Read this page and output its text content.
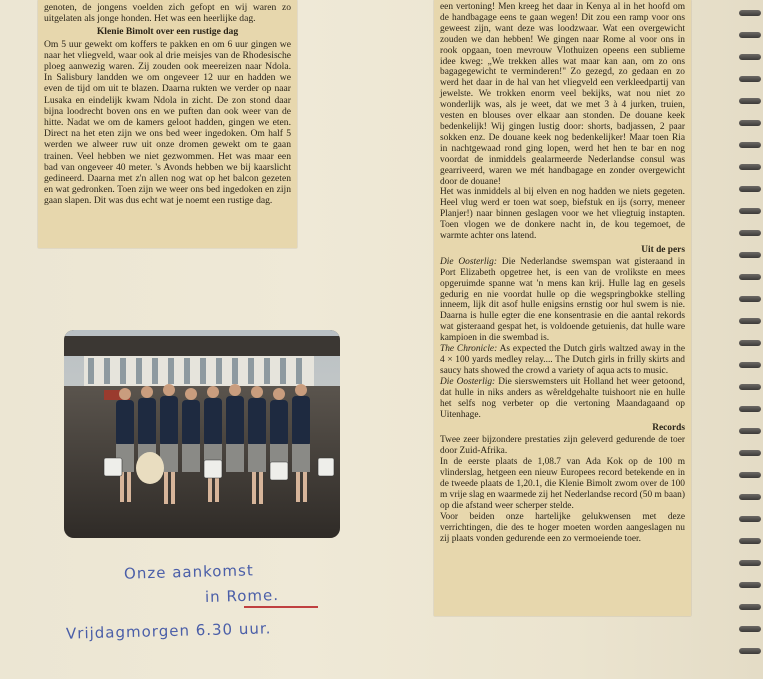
genoten, de jongens voelden zich gefopt en wij waren zo uitgelaten als jonge honden. Het was een heerlijke dag.

Klenie Bimolt over een rustige dag

Om 5 uur gewekt om koffers te pakken en om 6 uur gingen we naar het vliegveld, waar ook al drie meisjes van de Rhodesische ploeg aanwezig waren. Zij zouden ook meereizen naar Ndola. In Salisbury landden we om ongeveer 12 uur en hadden we even de tijd om uit te blazen. Daarna rukten we verder op naar Lusaka en eindelijk kwam Ndola in zicht. De zon stond daar bijna loodrecht boven ons en we puften dan ook weer van de hitte. Nadat we om de kamers geloot hadden, gingen we eten. Direct na het eten zijn we ons bed weer ingedoken. Om half 5 werden we alweer ruw uit onze dromen gewekt om te gaan trainen. Veel hebben we niet gezwommen. Het was maar een bad van ongeveer 40 meter. 's Avonds hebben we bij kaarslicht gedineerd. Daarna met z'n allen nog wat op het balcon gezeten en wat gedronken. Toen zijn we weer ons bed ingedoken en zijn gaan slapen. Dit was dus echt wat je noemt een rustige dag.

een vertoning! Men kreeg het daar in Kenya al in het hoofd om de handbagage eens te gaan wegen! Dit zou een ramp voor ons geweest zijn, want deze was loodzwaar. Wat een overgewicht zouden we dan hebben! We gingen naar Rome al voor ons in rook opgaan, toen mevrouw Vlothuizen opeens een sublieme idee kweg: „We trekken alles wat maar kan aan, om zo ons bagagegewicht te verminderen!" Zo gezegd, zo gedaan en zo werd het daar in de hal van het vliegveld een verkleedpartij van jewelste. We trokken enorm veel bekijks, wat nou niet zo wonderlijk was, als je weet, dat we met 3 à 4 jurken, truien, vesten en blouses over elkaar aan stonden. De douane keek bedenkelijk! Wij gingen lustig door: shorts, badjassen, 2 paar sokken enz. De douane keek nog bedenkelijker! Maar toen Ria in nachtgewaad rond ging lopen, werd het hen te bar en nog voordat de inmiddels gealarmeerde Nederlandse consul was gearriveerd, waren we mét handbagage en zonder overgewicht door de douane!

Het was inmiddels al bij elven en nog hadden we niets gegeten. Heel vlug werd er toen wat soep, biefstuk en ijs (sorry, meneer Planjer!) naar binnen geslagen voor we het vliegtuig instapten. Toen vlogen we de donkere nacht in, de kou tegemoet, de warmte achter ons latend.

Uit de pers

Die Oosterlig: Die Nederlandse swemspan wat gisteraand in Port Elizabeth opgetree het, is een van de vrolikste en mees opgeruimde spanne wat 'n mens kan krij. Hulle lag en gesels gedurig en nie voordat hulle op die wegspringbokke stelling inneem, lijk dit asof hulle enigsins ernstig oor hul swem is nie. Daarna is hulle egter die ene konsentrasie en die aantal rekords wat gisteraand gespat het, is voldoende getuienis, dat hulle ware kampioen in die swembad is.

The Chronicle: As expected the Dutch girls waltzed away in the 4 × 100 yards medley relay.... The Dutch girls in frilly skirts and saucy hats showed the crowd a variety of aqua acts to music.

Die Oosterlig: Die sierswemsters uit Holland het weer getoond, dat hulle in niks anders as wêreldgehalte tuishoort nie en hulle het selfs nog verbeter op die vertoning Maandagaand op Uitenhage.

Records

Twee zeer bijzondere prestaties zijn geleverd gedurende de toer door Zuid-Afrika.

In de eerste plaats de 1,08.7 van Ada Kok op de 100 m vlinderslag, hetgeen een nieuw Europees record betekende en in de tweede plaats de 1,20.1, die Klenie Bimolt zwom over de 100 m vrije slag en waarmede zij het Nederlandse record (50 m baan) op die afstand weer scherper stelde.

Voor beiden onze hartelijke gelukwensen met deze verrichtingen, die des te hoger moeten worden aangeslagen nu zij plaats vonden gedurende een zo vermoeiende toer.

Onze aankomst
in Rome.
Vrijdagmorgen 6.30 uur.
